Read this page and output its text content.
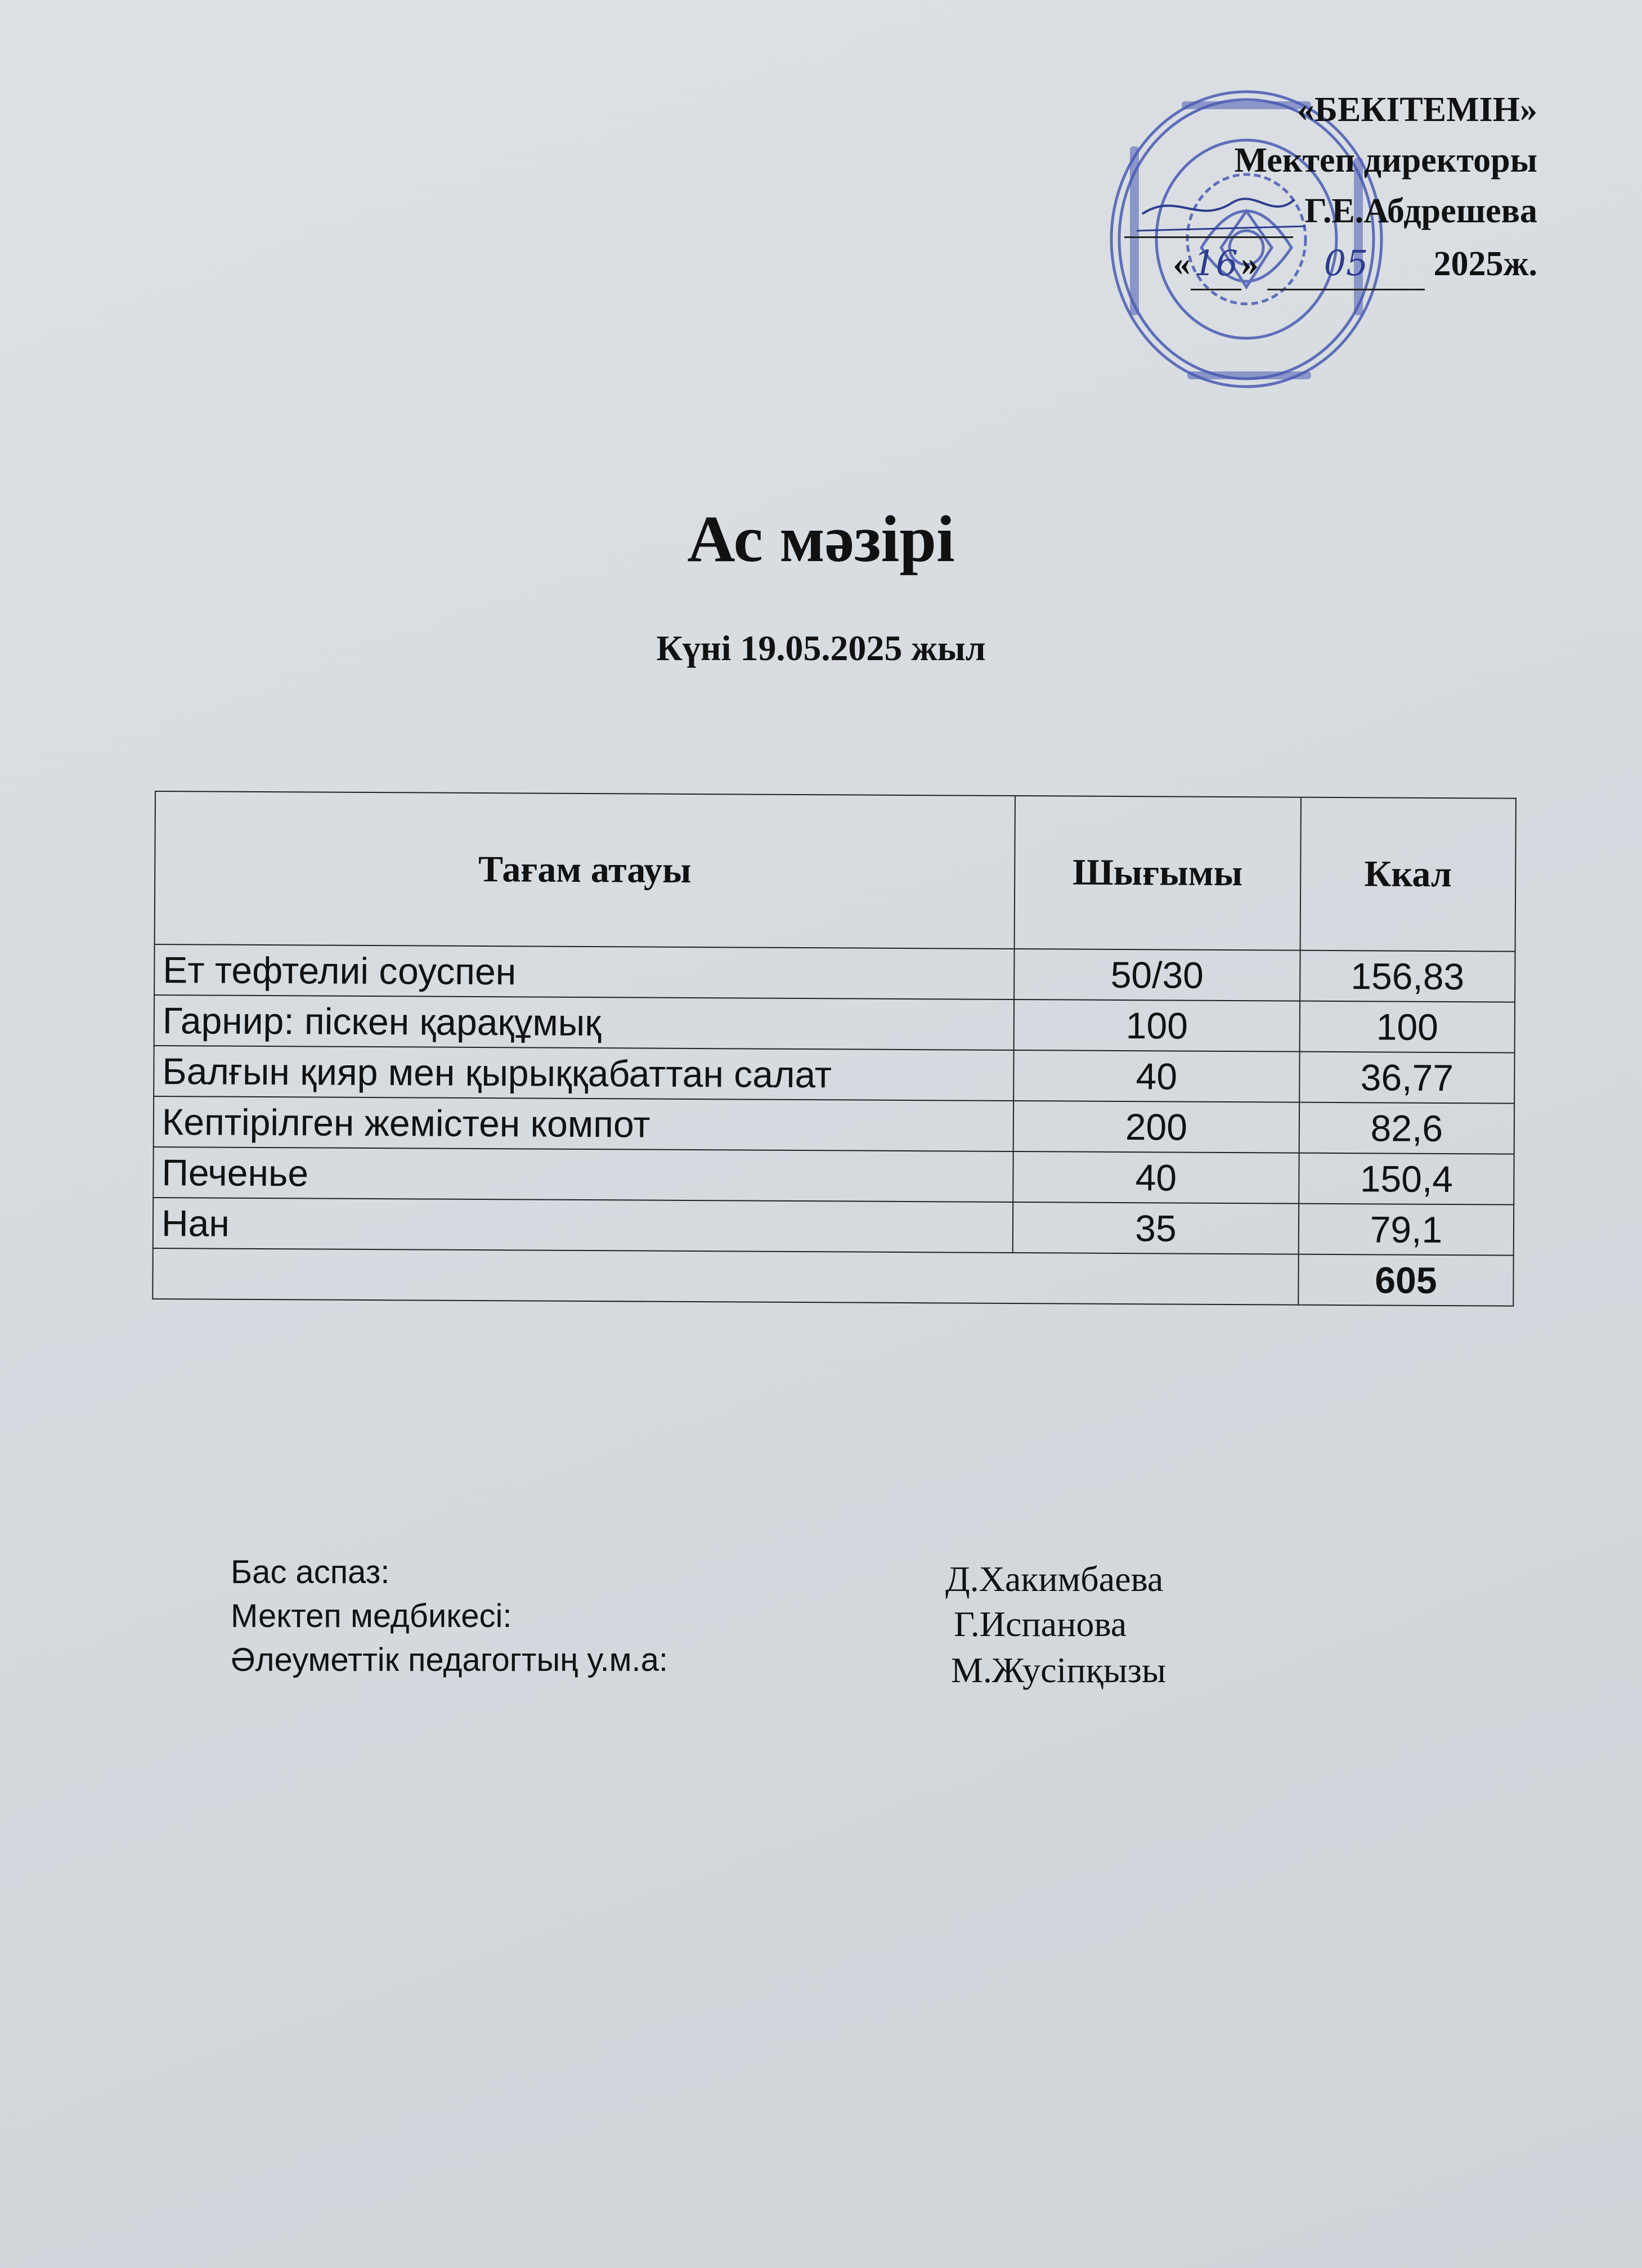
«БЕКІТЕМІН»
Мектеп директоры
Г.Е.Абдрешева
«16» 05 2025ж.
Ас мәзірі
Күні 19.05.2025 жыл
Тағам атауы	Шығымы	Ккал
Ет тефтелиі соуспен	50/30	156,83
Гарнир: піскен қарақұмық	100	100
Балғын қияр мен қырыққабаттан салат	40	36,77
Кептірілген жемістен компот	200	82,6
Печенье	40	150,4
Нан	35	79,1
		605
Бас аспаз:	Д.Хакимбаева
Мектеп медбикесі:	Г.Испанова
Әлеуметтік педагогтың у.м.а:	М.Жусіпқызы
